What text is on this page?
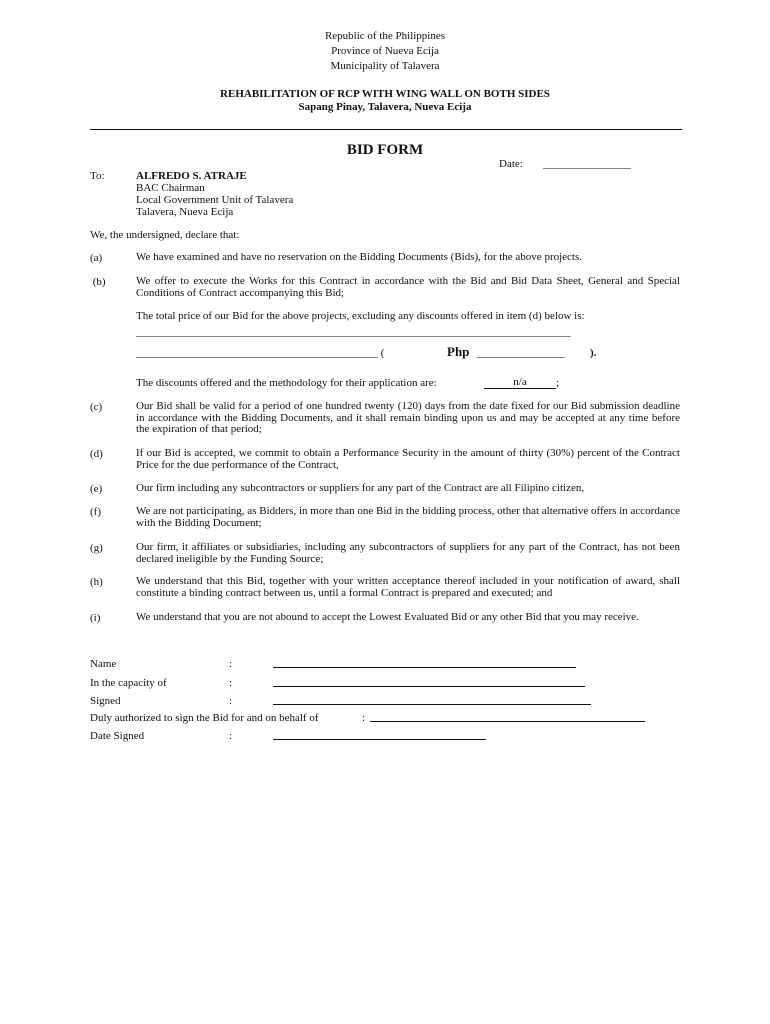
Republic of the Philippines
Province of Nueva Ecija
Municipality of Talavera
REHABILITATION OF RCP WITH WING WALL ON BOTH SIDES
Sapang Pinay, Talavera, Nueva Ecija
BID FORM
Date: ________________
To:	ALFREDO S. ATRAJE
BAC Chairman
Local Government Unit of Talavera
Talavera, Nueva Ecija
We, the undersigned, declare that:
(a)	We have examined and have no reservation on the Bidding Documents (Bids), for the above projects.
(b)	We offer to execute the Works for this Contract in accordance with the Bid and Bid Data Sheet, General and Special Conditions of Contract accompanying this Bid;
The total price of our Bid for the above projects, excluding any discounts offered in item (d) below is:
_______________________________________________________________________________
____________________________________________ (	Php ________________ ).
The discounts offered and the methodology for their application are:	n/a	;
(c)	Our Bid shall be valid for a period of one hundred twenty (120) days from the date fixed for our Bid submission deadline in accordance with the Bidding Documents, and it shall remain binding upon us and may be accepted at any time before the expiration of that period;
(d)	If our Bid is accepted, we commit to obtain a Performance Security in the amount of thirty (30%) percent of the Contract Price for the due performance of the Contract,
(e)	Our firm including any subcontractors or suppliers for any part of the Contract are all Filipino citizen,
(f)	We are not participating, as Bidders, in more than one Bid in the bidding process, other that alternative offers in accordance with the Bidding Document;
(g)	Our firm, it affiliates or subsidiaries, including any subcontractors of suppliers for any part of the Contract, has not been declared ineligible by the Funding Source;
(h)	We understand that this Bid, together with your written acceptance thereof included in your notification of award, shall constitute a binding contract between us, until a formal Contract is prepared and executed; and
(i)	We understand that you are not abound to accept the Lowest Evaluated Bid or any other Bid that you may receive.
Name	:
In the capacity of	:
Signed	:
Duly authorized to sign the Bid for and on behalf of	:
Date Signed	:
